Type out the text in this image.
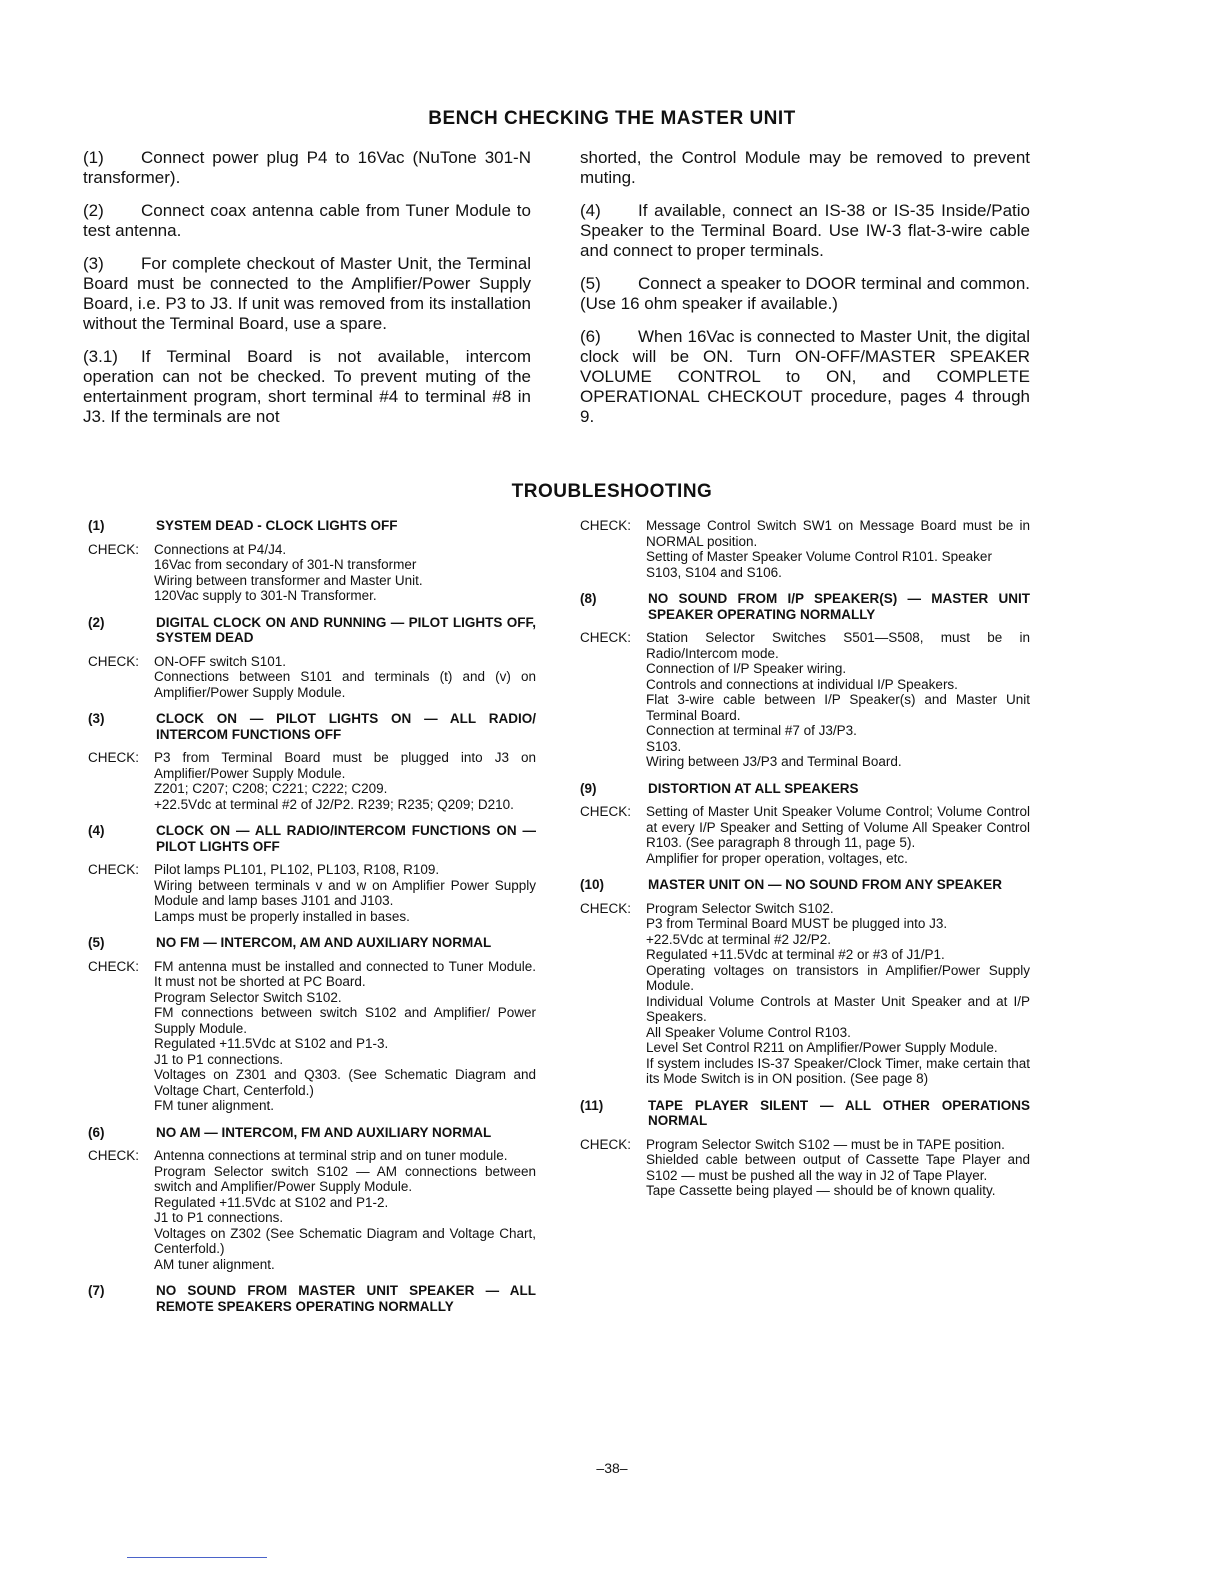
BENCH CHECKING THE MASTER UNIT

(1) Connect power plug P4 to 16Vac (NuTone 301-N transformer).

(2) Connect coax antenna cable from Tuner Module to test antenna.

(3) For complete checkout of Master Unit, the Terminal Board must be connected to the Amplifier/Power Supply Board, i.e. P3 to J3. If unit was removed from its installation without the Terminal Board, use a spare.

(3.1) If Terminal Board is not available, intercom operation can not be checked. To prevent muting of the entertainment program, short terminal #4 to terminal #8 in J3. If the terminals are not

shorted, the Control Module may be removed to prevent muting.

(4) If available, connect an IS-38 or IS-35 Inside/Patio Speaker to the Terminal Board. Use IW-3 flat-3-wire cable and connect to proper terminals.

(5) Connect a speaker to DOOR terminal and common. (Use 16 ohm speaker if available.)

(6) When 16Vac is connected to Master Unit, the digital clock will be ON. Turn ON-OFF/MASTER SPEAKER VOLUME CONTROL to ON, and COMPLETE OPERATIONAL CHECKOUT procedure, pages 4 through 9.

TROUBLESHOOTING
(1)	SYSTEM DEAD - CLOCK LIGHTS OFF
CHECK:	Connections at P4/J4.
16Vac from secondary of 301-N transformer
Wiring between transformer and Master Unit.
120Vac supply to 301-N Transformer.
(2)	DIGITAL CLOCK ON AND RUNNING — PILOT LIGHTS OFF, SYSTEM DEAD
CHECK:	ON-OFF switch S101.
Connections between S101 and terminals (t) and (v) on Amplifier/Power Supply Module.
(3)	CLOCK ON — PILOT LIGHTS ON — ALL RADIO/ INTERCOM FUNCTIONS OFF
CHECK:	P3 from Terminal Board must be plugged into J3 on Amplifier/Power Supply Module.
Z201; C207; C208; C221; C222; C209.
+22.5Vdc at terminal #2 of J2/P2. R239; R235; Q209; D210.
(4)	CLOCK ON — ALL RADIO/INTERCOM FUNCTIONS ON — PILOT LIGHTS OFF
CHECK:	Pilot lamps PL101, PL102, PL103, R108, R109.
Wiring between terminals v and w on Amplifier Power Supply Module and lamp bases J101 and J103.
Lamps must be properly installed in bases.
(5)	NO FM — INTERCOM, AM AND AUXILIARY NORMAL
CHECK:	FM antenna must be installed and connected to Tuner Module. It must not be shorted at PC Board.
Program Selector Switch S102.
FM connections between switch S102 and Amplifier/ Power Supply Module.
Regulated +11.5Vdc at S102 and P1-3.
J1 to P1 connections.
Voltages on Z301 and Q303. (See Schematic Diagram and Voltage Chart, Centerfold.)
FM tuner alignment.
(6)	NO AM — INTERCOM, FM AND AUXILIARY NORMAL
CHECK:	Antenna connections at terminal strip and on tuner module.
Program Selector switch S102 — AM connections between switch and Amplifier/Power Supply Module.
Regulated +11.5Vdc at S102 and P1-2.
J1 to P1 connections.
Voltages on Z302 (See Schematic Diagram and Voltage Chart, Centerfold.)
AM tuner alignment.
(7)	NO SOUND FROM MASTER UNIT SPEAKER — ALL REMOTE SPEAKERS OPERATING NORMALLY
CHECK:	Message Control Switch SW1 on Message Board must be in NORMAL position.
Setting of Master Speaker Volume Control R101. Speaker
S103, S104 and S106.
(8)	NO SOUND FROM I/P SPEAKER(S) — MASTER UNIT SPEAKER OPERATING NORMALLY
CHECK:	Station Selector Switches S501—S508, must be in Radio/Intercom mode.
Connection of I/P Speaker wiring.
Controls and connections at individual I/P Speakers.
Flat 3-wire cable between I/P Speaker(s) and Master Unit Terminal Board.
Connection at terminal #7 of J3/P3.
S103.
Wiring between J3/P3 and Terminal Board.
(9)	DISTORTION AT ALL SPEAKERS
CHECK:	Setting of Master Unit Speaker Volume Control; Volume Control at every I/P Speaker and Setting of Volume All Speaker Control R103. (See paragraph 8 through 11, page 5).
Amplifier for proper operation, voltages, etc.
(10)	MASTER UNIT ON — NO SOUND FROM ANY SPEAKER
CHECK:	Program Selector Switch S102.
P3 from Terminal Board MUST be plugged into J3.
+22.5Vdc at terminal #2 J2/P2.
Regulated +11.5Vdc at terminal #2 or #3 of J1/P1.
Operating voltages on transistors in Amplifier/Power Supply Module.
Individual Volume Controls at Master Unit Speaker and at I/P Speakers.
All Speaker Volume Control R103.
Level Set Control R211 on Amplifier/Power Supply Module.
If system includes IS-37 Speaker/Clock Timer, make certain that its Mode Switch is in ON position. (See page 8)
(11)	TAPE PLAYER SILENT — ALL OTHER OPERATIONS NORMAL
CHECK:	Program Selector Switch S102 — must be in TAPE position.
Shielded cable between output of Cassette Tape Player and S102 — must be pushed all the way in J2 of Tape Player.
Tape Cassette being played — should be of known quality.
–38–
